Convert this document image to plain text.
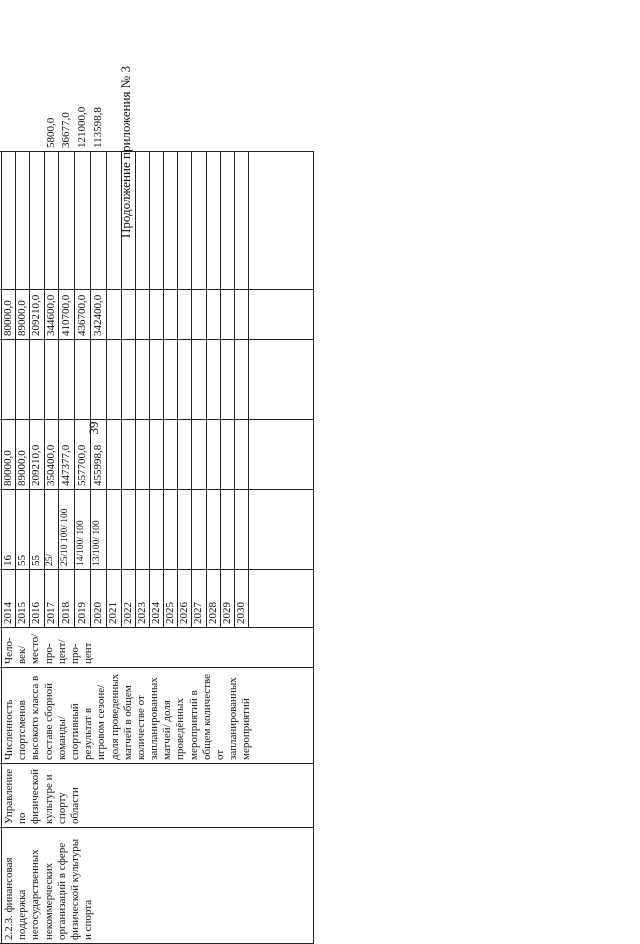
39
Продолжение приложения № 3

2.2.3. финансовая поддержка негосударственных некоммерческих организаций в сфере физической культуры и спорта	Управление по физической культуре и спорту области	Численность спортсменов высокого класса в составе сборной команды/ спортивный результат в игровом сезоне/ доля проведенных матчей в общем количестве от запланированных матчей/ доля проведённых мероприятий в общем количестве от запланированных мероприятий	Чело-век/ место/ про-цент/ про-цент	2014	16	80000,0		80000,0		
				2015	55	89000,0		89000,0		
				2016	55	209210,0		209210,0		
				2017	25/	350400,0		344600,0		5800,0
				2018	25/10 100/ 100	447377,0		410700,0		36677,0
				2019	14/100/ 100	557700,0		436700,0		121000,0
				2020	13/100/ 100	455998,8		342400,0		113598,8
				2021						
				2022						
				2023						
				2024						
				2025						
				2026						
				2027						
				2028						
				2029						
				2030						
